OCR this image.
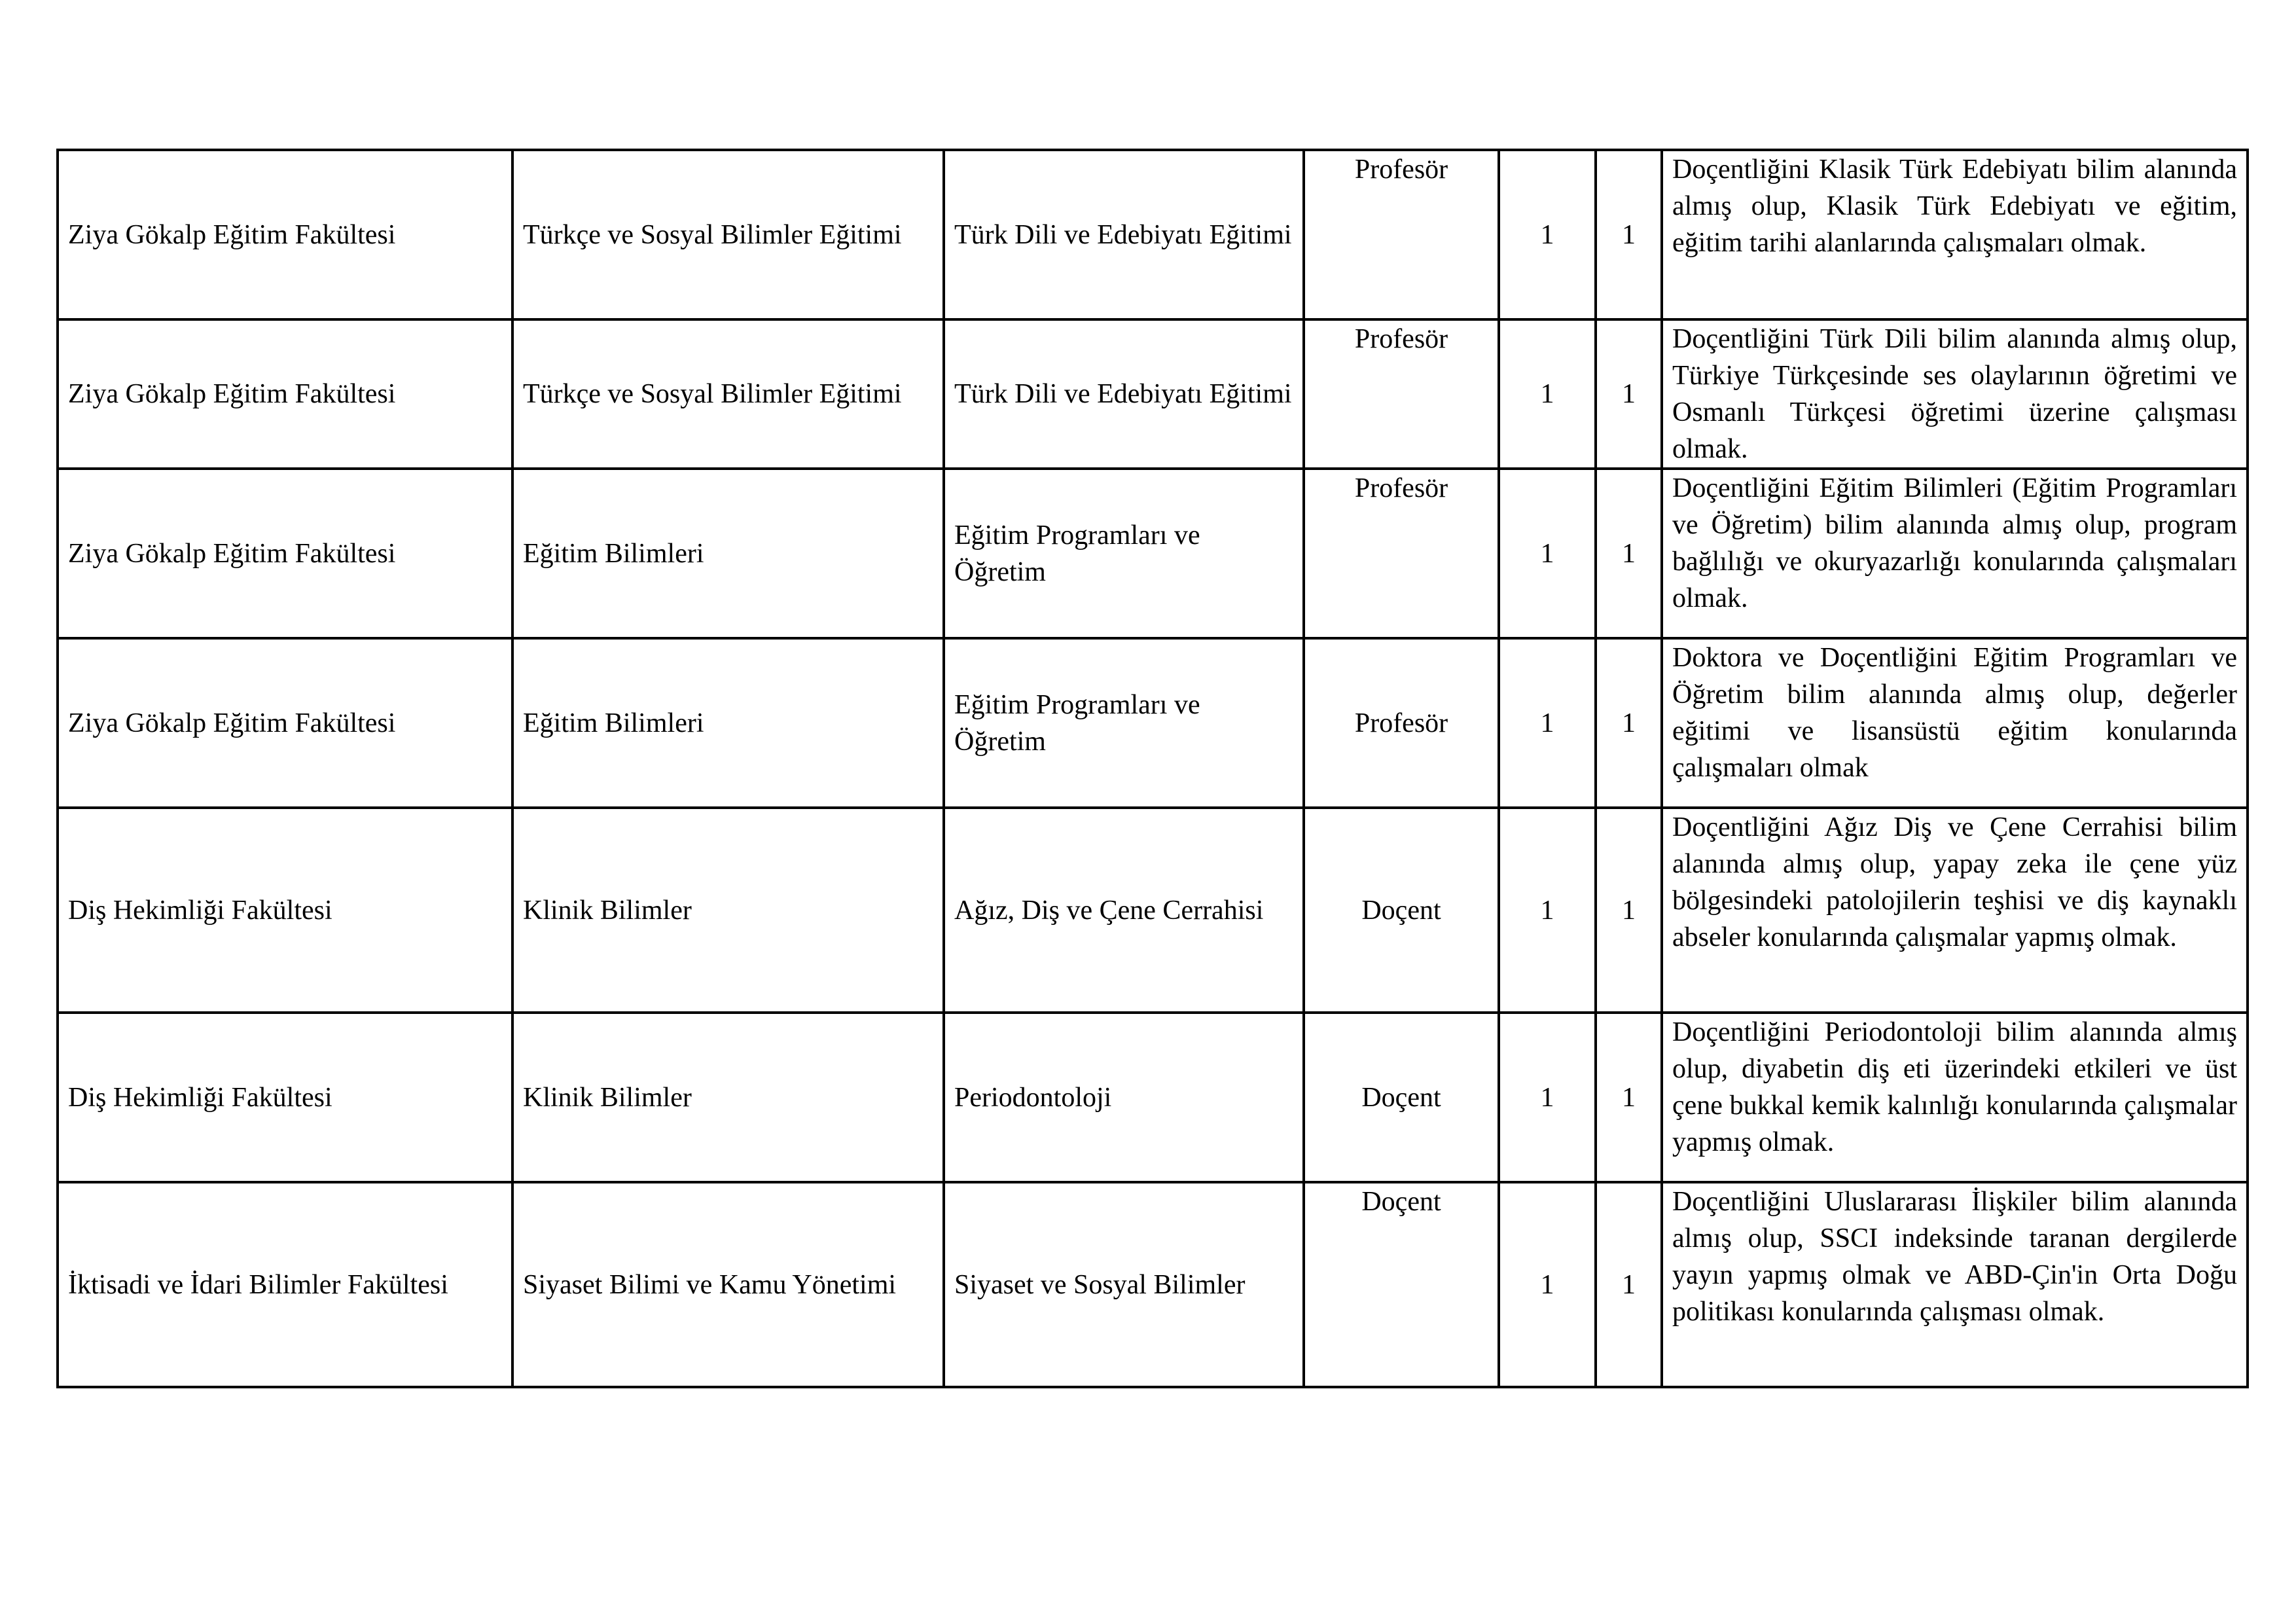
Ziya Gökalp Eğitim Fakültesi	Türkçe ve Sosyal Bilimler Eğitimi	Türk Dili ve Edebiyatı Eğitimi	Profesör	1	1	Doçentliğini Klasik Türk Edebiyatı bilim alanında almış olup, Klasik Türk Edebiyatı ve eğitim, eğitim tarihi alanlarında çalışmaları olmak.
Ziya Gökalp Eğitim Fakültesi	Türkçe ve Sosyal Bilimler Eğitimi	Türk Dili ve Edebiyatı Eğitimi	Profesör	1	1	Doçentliğini Türk Dili bilim alanında almış olup, Türkiye Türkçesinde ses olaylarının öğretimi ve Osmanlı Türkçesi öğretimi üzerine çalışması olmak.
Ziya Gökalp Eğitim Fakültesi	Eğitim Bilimleri	Eğitim Programları ve Öğretim	Profesör	1	1	Doçentliğini Eğitim Bilimleri (Eğitim Programları ve Öğretim) bilim alanında almış olup, program bağlılığı ve okuryazarlığı konularında çalışmaları olmak.
Ziya Gökalp Eğitim Fakültesi	Eğitim Bilimleri	Eğitim Programları ve Öğretim	Profesör	1	1	Doktora ve Doçentliğini Eğitim Programları ve Öğretim bilim alanında almış olup, değerler eğitimi ve lisansüstü eğitim konularında çalışmaları olmak
Diş Hekimliği Fakültesi	Klinik Bilimler	Ağız, Diş ve Çene Cerrahisi	Doçent	1	1	Doçentliğini Ağız Diş ve Çene Cerrahisi bilim alanında almış olup, yapay zeka ile çene yüz bölgesindeki patolojilerin teşhisi ve diş kaynaklı abseler konularında çalışmalar yapmış olmak.
Diş Hekimliği Fakültesi	Klinik Bilimler	Periodontoloji	Doçent	1	1	Doçentliğini Periodontoloji bilim alanında almış olup, diyabetin diş eti üzerindeki etkileri ve üst çene bukkal kemik kalınlığı konularında çalışmalar yapmış olmak.
İktisadi ve İdari Bilimler Fakültesi	Siyaset Bilimi ve Kamu Yönetimi	Siyaset ve Sosyal Bilimler	Doçent	1	1	Doçentliğini Uluslararası İlişkiler bilim alanında almış olup, SSCI indeksinde taranan dergilerde yayın yapmış olmak ve ABD-Çin'in Orta Doğu politikası konularında çalışması olmak.
